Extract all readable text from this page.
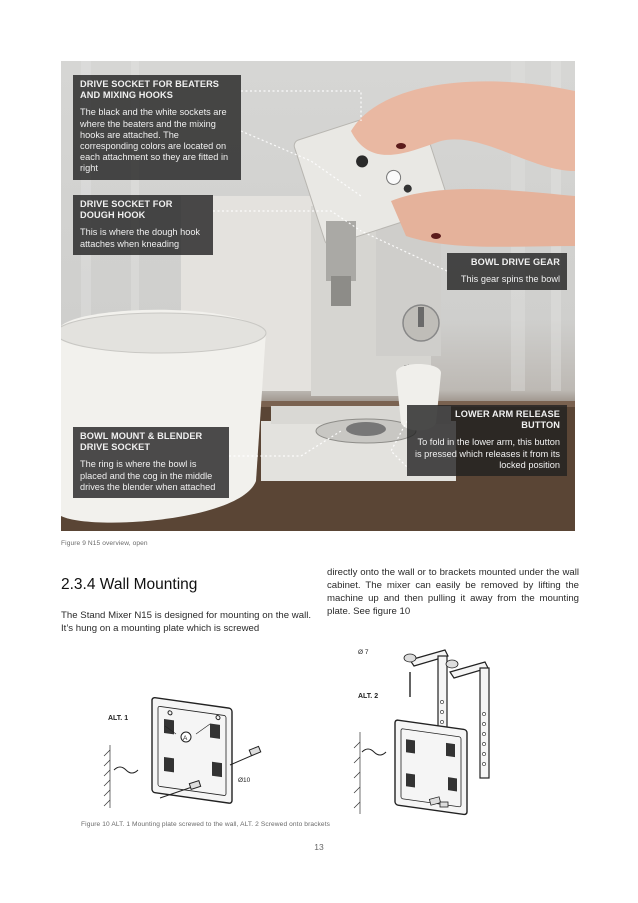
DRIVE SOCKET FOR BEATERS AND MIXING HOOKS
The black and the white sockets are where the beaters and the mixing hooks are attached. The corresponding colors are located on each attachment so they are fitted in right
DRIVE SOCKET FOR DOUGH HOOK
This is where the dough hook attaches when kneading
BOWL DRIVE GEAR
This gear spins the bowl
BOWL MOUNT & BLENDER DRIVE SOCKET
The ring is where the bowl is placed and the cog in the middle drives the blender when attached
LOWER ARM RELEASE BUTTON
To fold in the lower arm, this button is pressed which releases it from its locked position
Figure 9 N15 overview, open
2.3.4 Wall Mounting

The Stand Mixer N15 is designed for mounting on the wall. It’s hung on a mounting plate which is screwed

directly onto the wall or to brackets mounted under the wall cabinet. The mixer can easily be removed by lifting the machine up and then pulling it away from the mounting plate. See figure 10

ALT. 1
A
Ø10
Ø 7
ALT. 2
Figure 10 ALT. 1 Mounting plate screwed to the wall, ALT. 2 Screwed onto brackets
13
